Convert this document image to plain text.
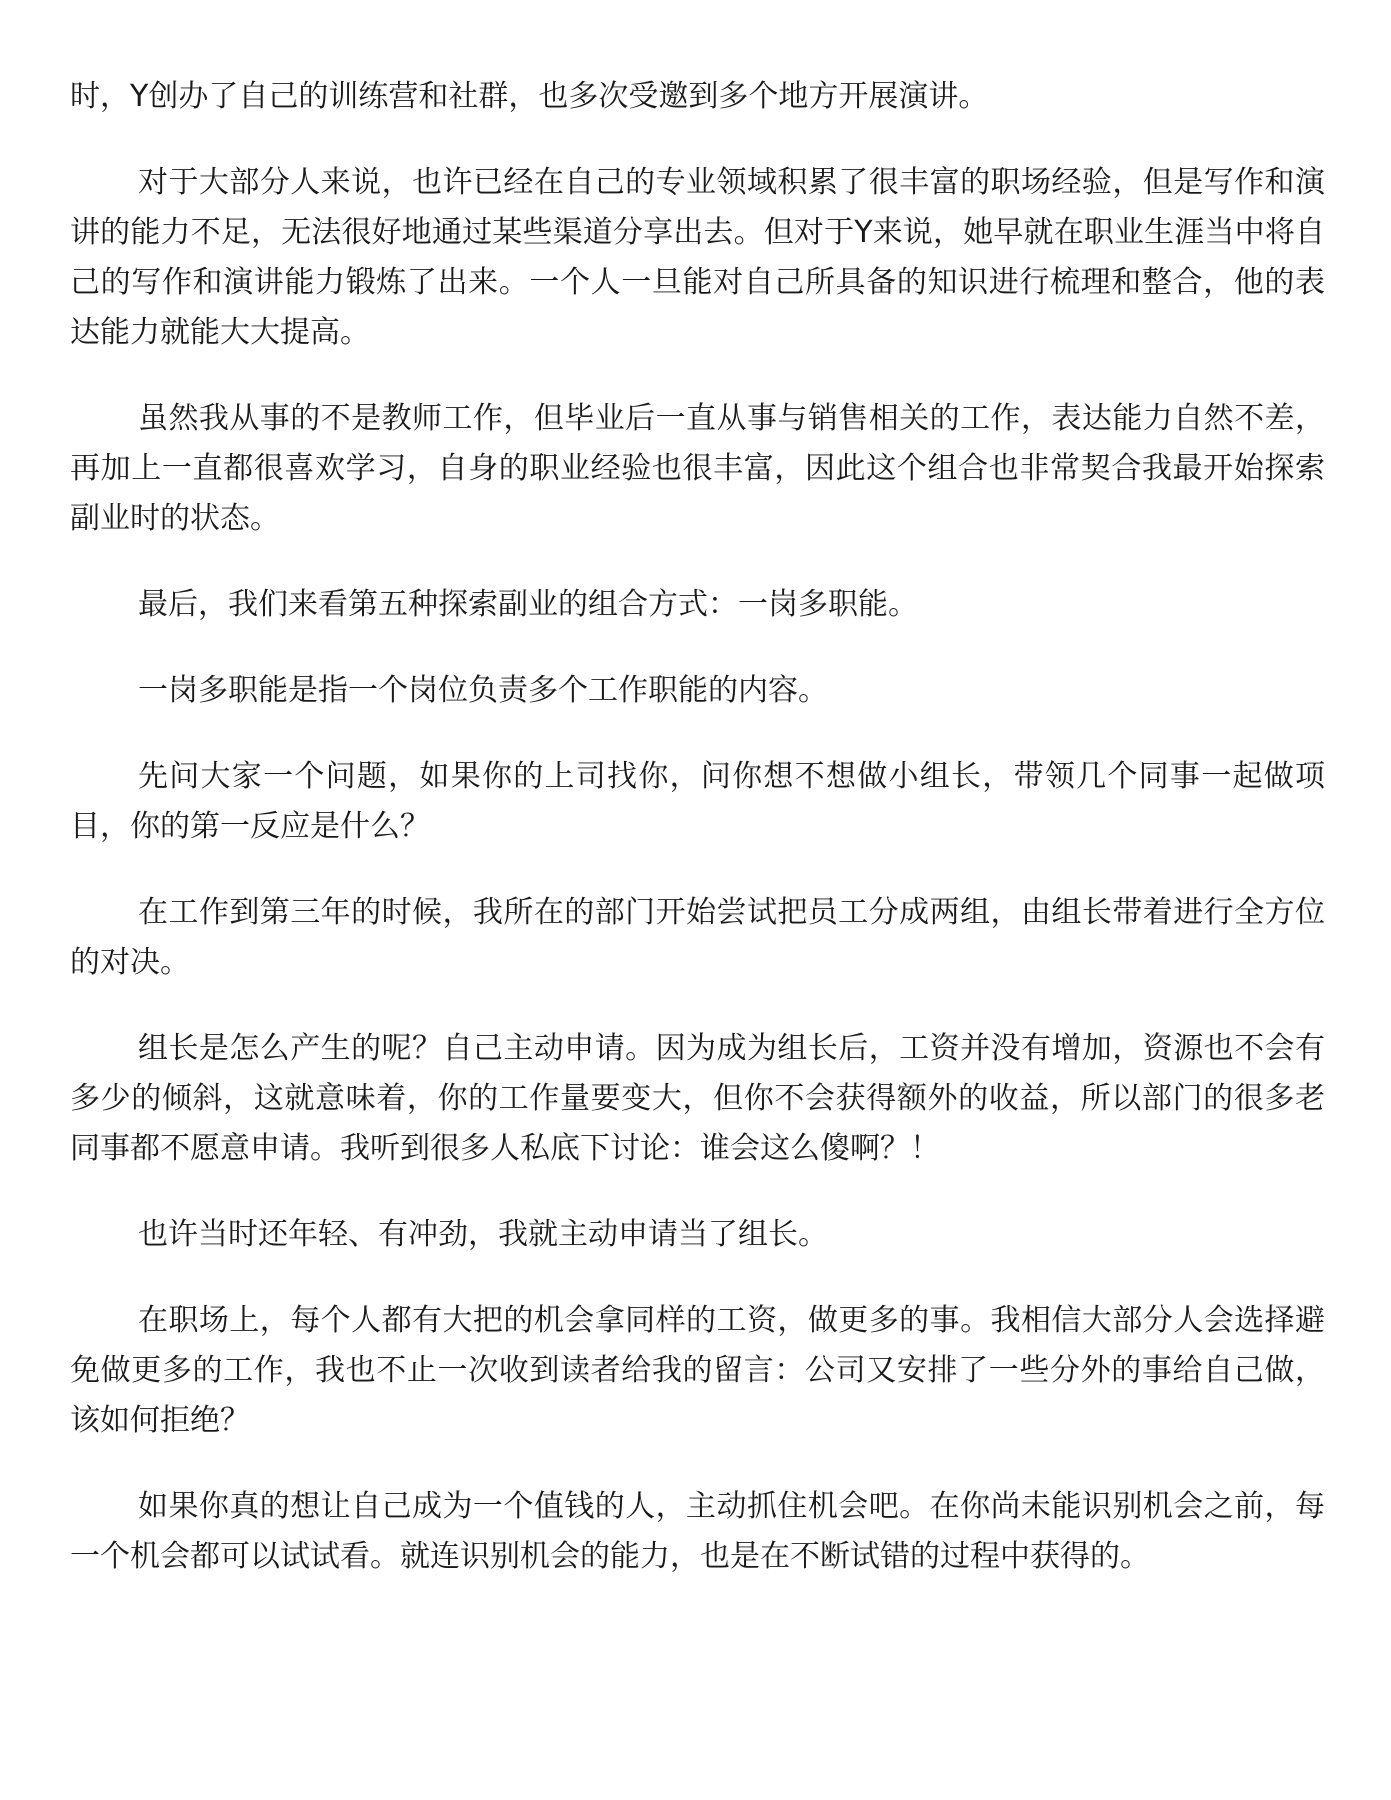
时，Y创办了自己的训练营和社群，也多次受邀到多个地方开展演讲。

对于大部分人来说，也许已经在自己的专业领域积累了很丰富的职场经验，但是写作和演讲的能力不足，无法很好地通过某些渠道分享出去。但对于Y来说，她早就在职业生涯当中将自己的写作和演讲能力锻炼了出来。一个人一旦能对自己所具备的知识进行梳理和整合，他的表达能力就能大大提高。

虽然我从事的不是教师工作，但毕业后一直从事与销售相关的工作，表达能力自然不差，再加上一直都很喜欢学习，自身的职业经验也很丰富，因此这个组合也非常契合我最开始探索副业时的状态。

最后，我们来看第五种探索副业的组合方式：一岗多职能。

一岗多职能是指一个岗位负责多个工作职能的内容。

先问大家一个问题，如果你的上司找你，问你想不想做小组长，带领几个同事一起做项目，你的第一反应是什么？

在工作到第三年的时候，我所在的部门开始尝试把员工分成两组，由组长带着进行全方位的对决。

组长是怎么产生的呢？自己主动申请。因为成为组长后，工资并没有增加，资源也不会有多少的倾斜，这就意味着，你的工作量要变大，但你不会获得额外的收益，所以部门的很多老同事都不愿意申请。我听到很多人私底下讨论：谁会这么傻啊？！

也许当时还年轻、有冲劲，我就主动申请当了组长。

在职场上，每个人都有大把的机会拿同样的工资，做更多的事。我相信大部分人会选择避免做更多的工作，我也不止一次收到读者给我的留言：公司又安排了一些分外的事给自己做，该如何拒绝？

如果你真的想让自己成为一个值钱的人，主动抓住机会吧。在你尚未能识别机会之前，每一个机会都可以试试看。就连识别机会的能力，也是在不断试错的过程中获得的。
